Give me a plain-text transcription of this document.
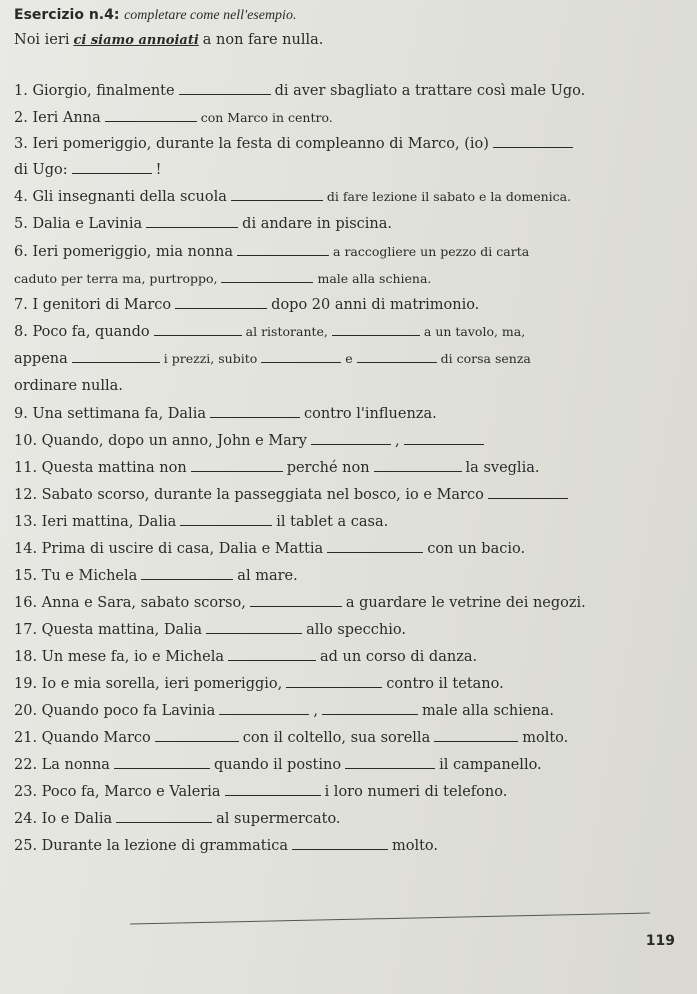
Esercizio n.4: completare come nell'esempio.
Noi ieri ci siamo annoiati a non fare nulla.
1. Giorgio, finalmente	di aver sbagliato a trattare così male Ugo.
2. Ieri Anna	con Marco in centro.
3. Ieri pomeriggio, durante la festa di compleanno di Marco, (io)
di Ugo:	!
4. Gli insegnanti della scuola	di fare lezione il sabato e la domenica.
5. Dalia e Lavinia	di andare in piscina.
6. Ieri pomeriggio, mia nonna	a raccogliere un pezzo di carta
caduto per terra ma, purtroppo,	male alla schiena.
7. I genitori di Marco	dopo 20 anni di matrimonio.
8. Poco fa, quando	al ristorante,	a un tavolo, ma,
appena	i prezzi, subito	e	di corsa senza
ordinare nulla.
9. Una settimana fa, Dalia	contro l'influenza.
10. Quando, dopo un anno, John e Mary	,
11. Questa mattina non	perché non	la sveglia.
12. Sabato scorso, durante la passeggiata nel bosco, io e Marco
13. Ieri mattina, Dalia	il tablet a casa.
14. Prima di uscire di casa, Dalia e Mattia	con un bacio.
15. Tu e Michela	al mare.
16. Anna e Sara, sabato scorso,	a guardare le vetrine dei negozi.
17. Questa mattina, Dalia	allo specchio.
18. Un mese fa, io e Michela	ad un corso di danza.
19. Io e mia sorella, ieri pomeriggio,	contro il tetano.
20. Quando poco fa Lavinia	,	male alla schiena.
21. Quando Marco	con il coltello, sua sorella	molto.
22. La nonna	quando il postino	il campanello.
23. Poco fa, Marco e Valeria	i loro numeri di telefono.
24. Io e Dalia	al supermercato.
25. Durante la lezione di grammatica	molto.
119
